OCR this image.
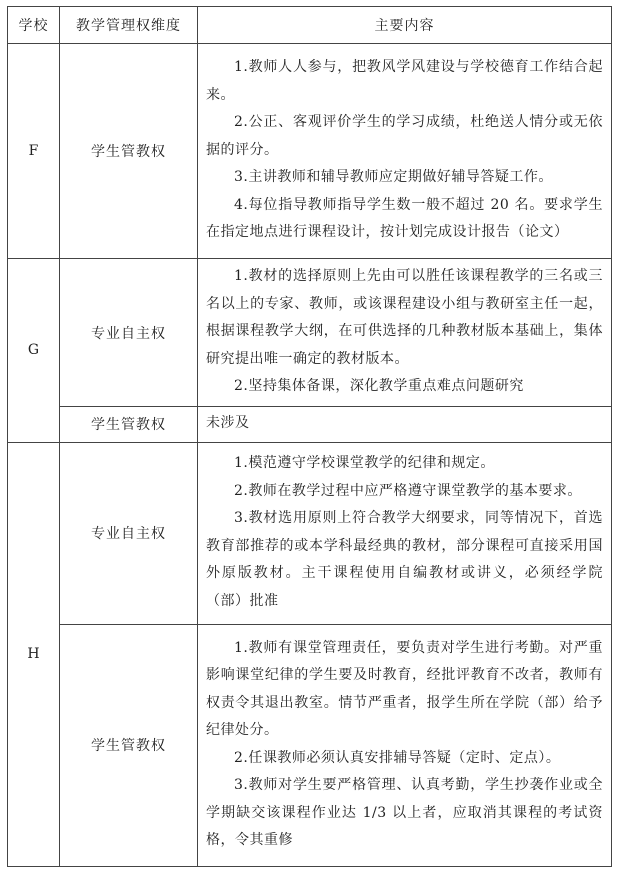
学校	教学管理权维度	主要内容
F	学生管教权	1.教师人人参与，把教风学风建设与学校德育工作结合起来。

2.公正、客观评价学生的学习成绩，杜绝送人情分或无依据的评分。

3.主讲教师和辅导教师应定期做好辅导答疑工作。

4.每位指导教师指导学生数一般不超过 20 名。要求学生在指定地点进行课程设计，按计划完成设计报告（论文）

G	专业自主权	1.教材的选择原则上先由可以胜任该课程教学的三名或三名以上的专家、教师，或该课程建设小组与教研室主任一起，根据课程教学大纲，在可供选择的几种教材版本基础上，集体研究提出唯一确定的教材版本。

2.坚持集体备课，深化教学重点难点问题研究

	学生管教权	未涉及

H	专业自主权	1.模范遵守学校课堂教学的纪律和规定。

2.教师在教学过程中应严格遵守课堂教学的基本要求。

3.教材选用原则上符合教学大纲要求，同等情况下，首选教育部推荐的或本学科最经典的教材，部分课程可直接采用国外原版教材。主干课程使用自编教材或讲义，必须经学院（部）批准

	学生管教权	1.教师有课堂管理责任，要负责对学生进行考勤。对严重影响课堂纪律的学生要及时教育，经批评教育不改者，教师有权责令其退出教室。情节严重者，报学生所在学院（部）给予纪律处分。

2.任课教师必须认真安排辅导答疑（定时、定点）。

3.教师对学生要严格管理、认真考勤，学生抄袭作业或全学期缺交该课程作业达 1/3 以上者，应取消其课程的考试资格，令其重修
